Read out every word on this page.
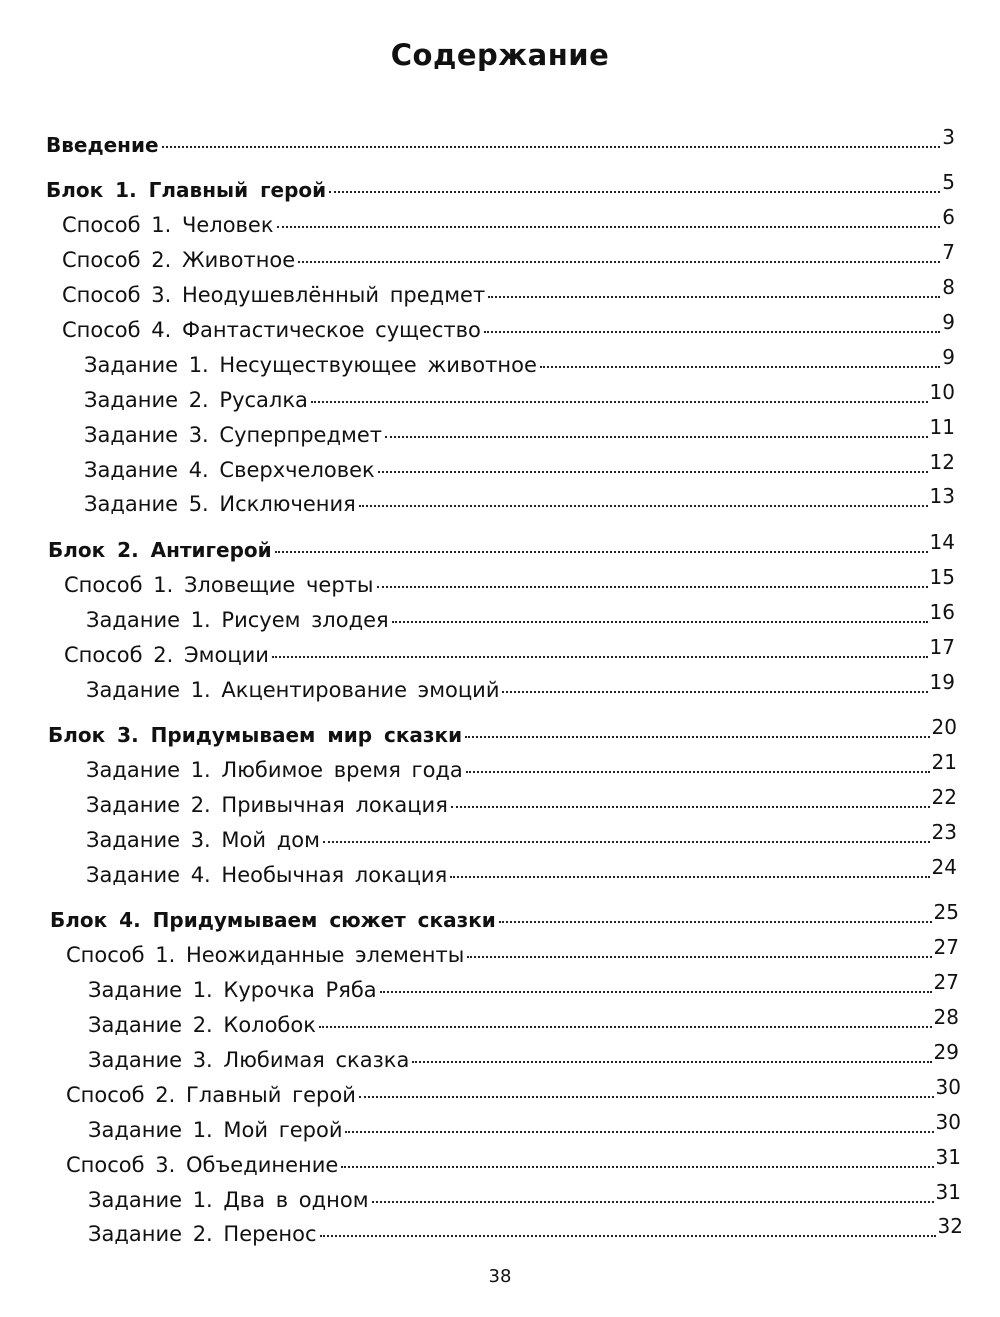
Содержание
Введение	3
Блок 1. Главный герой	5
Способ 1. Человек	6
Способ 2. Животное	7
Способ 3. Неодушевлённый предмет	8
Способ 4. Фантастическое существо	9
Задание 1. Несуществующее животное	9
Задание 2. Русалка	10
Задание 3. Суперпредмет	11
Задание 4. Сверхчеловек	12
Задание 5. Исключения	13
Блок 2. Антигерой	14
Способ 1. Зловещие черты	15
Задание 1. Рисуем злодея	16
Способ 2. Эмоции	17
Задание 1. Акцентирование эмоций	19
Блок 3. Придумываем мир сказки	20
Задание 1. Любимое время года	21
Задание 2. Привычная локация	22
Задание 3. Мой дом	23
Задание 4. Необычная локация	24
Блок 4. Придумываем сюжет сказки	25
Способ 1. Неожиданные элементы	27
Задание 1. Курочка Ряба	27
Задание 2. Колобок	28
Задание 3. Любимая сказка	29
Способ 2. Главный герой	30
Задание 1. Мой герой	30
Способ 3. Объединение	31
Задание 1. Два в одном	31
Задание 2. Перенос	32
38
